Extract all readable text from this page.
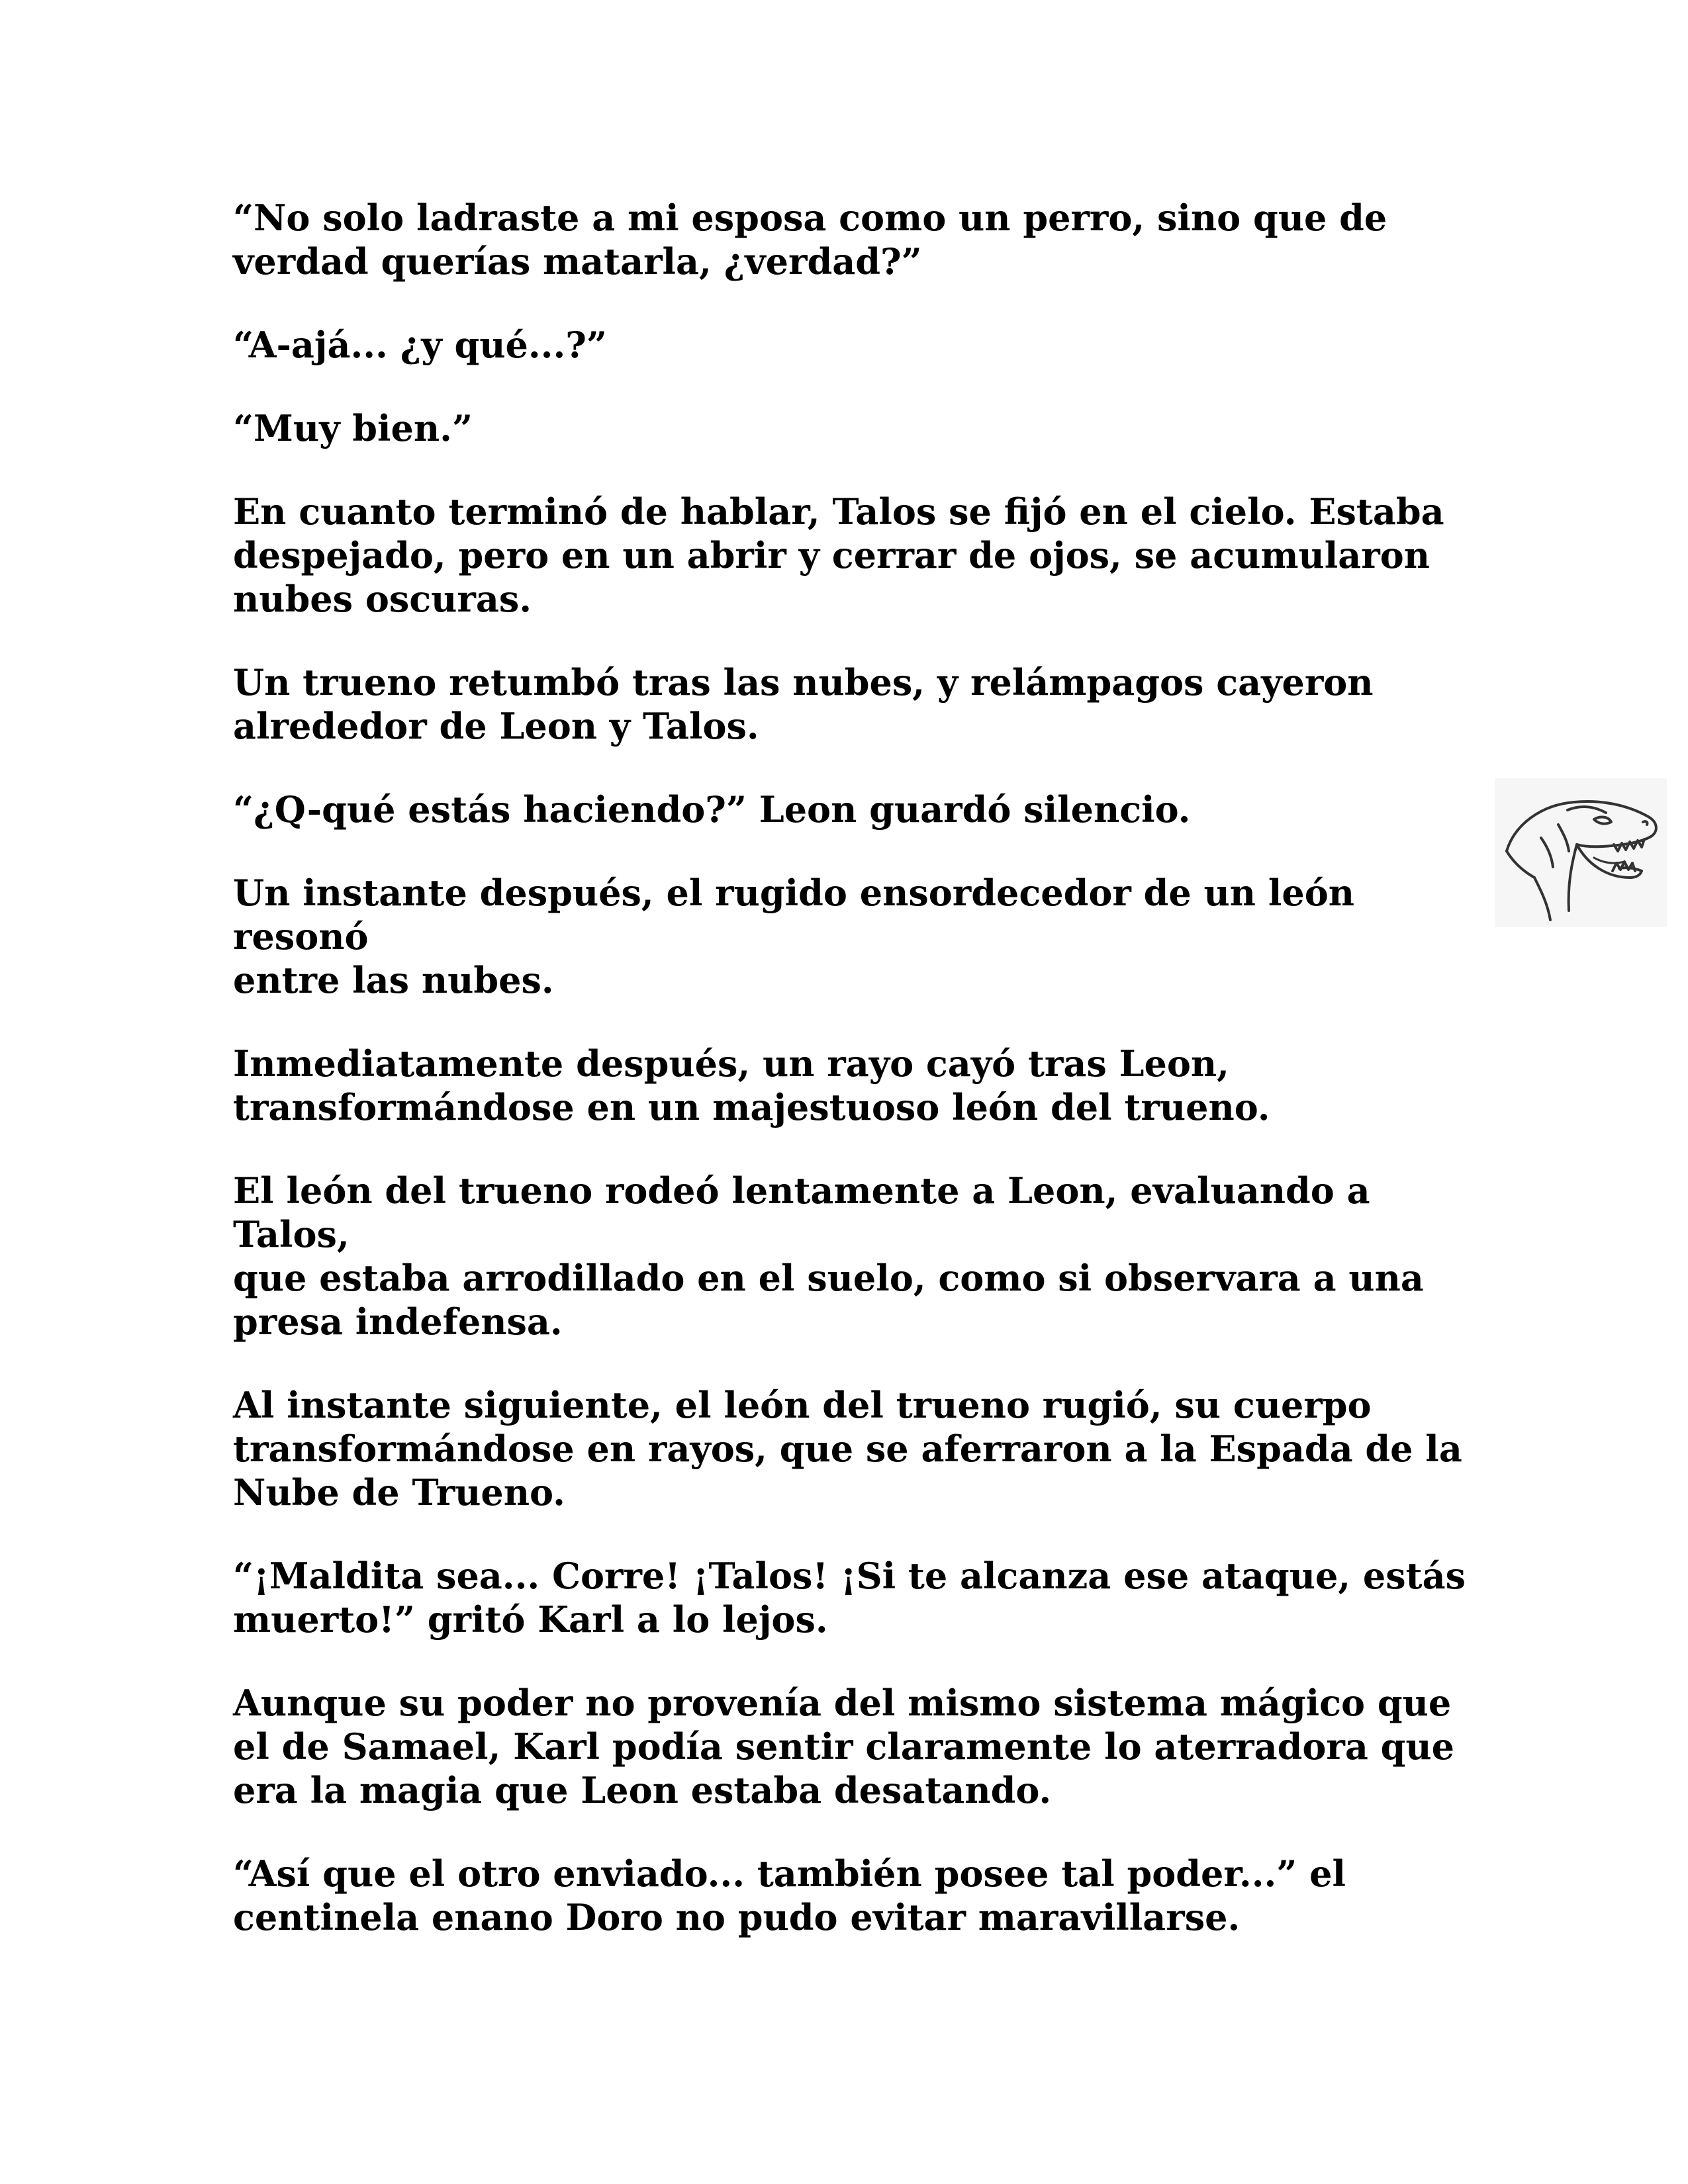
“No solo ladraste a mi esposa como un perro, sino que de
verdad querías matarla, ¿verdad?”

“A-ajá... ¿y qué...?”

“Muy bien.”

En cuanto terminó de hablar, Talos se fijó en el cielo. Estaba
despejado, pero en un abrir y cerrar de ojos, se acumularon
nubes oscuras.

Un trueno retumbó tras las nubes, y relámpagos cayeron
alrededor de Leon y Talos.

“¿Q-qué estás haciendo?” Leon guardó silencio.

Un instante después, el rugido ensordecedor de un león resonó
entre las nubes.

Inmediatamente después, un rayo cayó tras Leon,
transformándose en un majestuoso león del trueno.

El león del trueno rodeó lentamente a Leon, evaluando a Talos,
que estaba arrodillado en el suelo, como si observara a una
presa indefensa.

Al instante siguiente, el león del trueno rugió, su cuerpo
transformándose en rayos, que se aferraron a la Espada de la
Nube de Trueno.

“¡Maldita sea... Corre! ¡Talos! ¡Si te alcanza ese ataque, estás
muerto!” gritó Karl a lo lejos.

Aunque su poder no provenía del mismo sistema mágico que
el de Samael, Karl podía sentir claramente lo aterradora que
era la magia que Leon estaba desatando.

“Así que el otro enviado... también posee tal poder...” el
centinela enano Doro no pudo evitar maravillarse.
